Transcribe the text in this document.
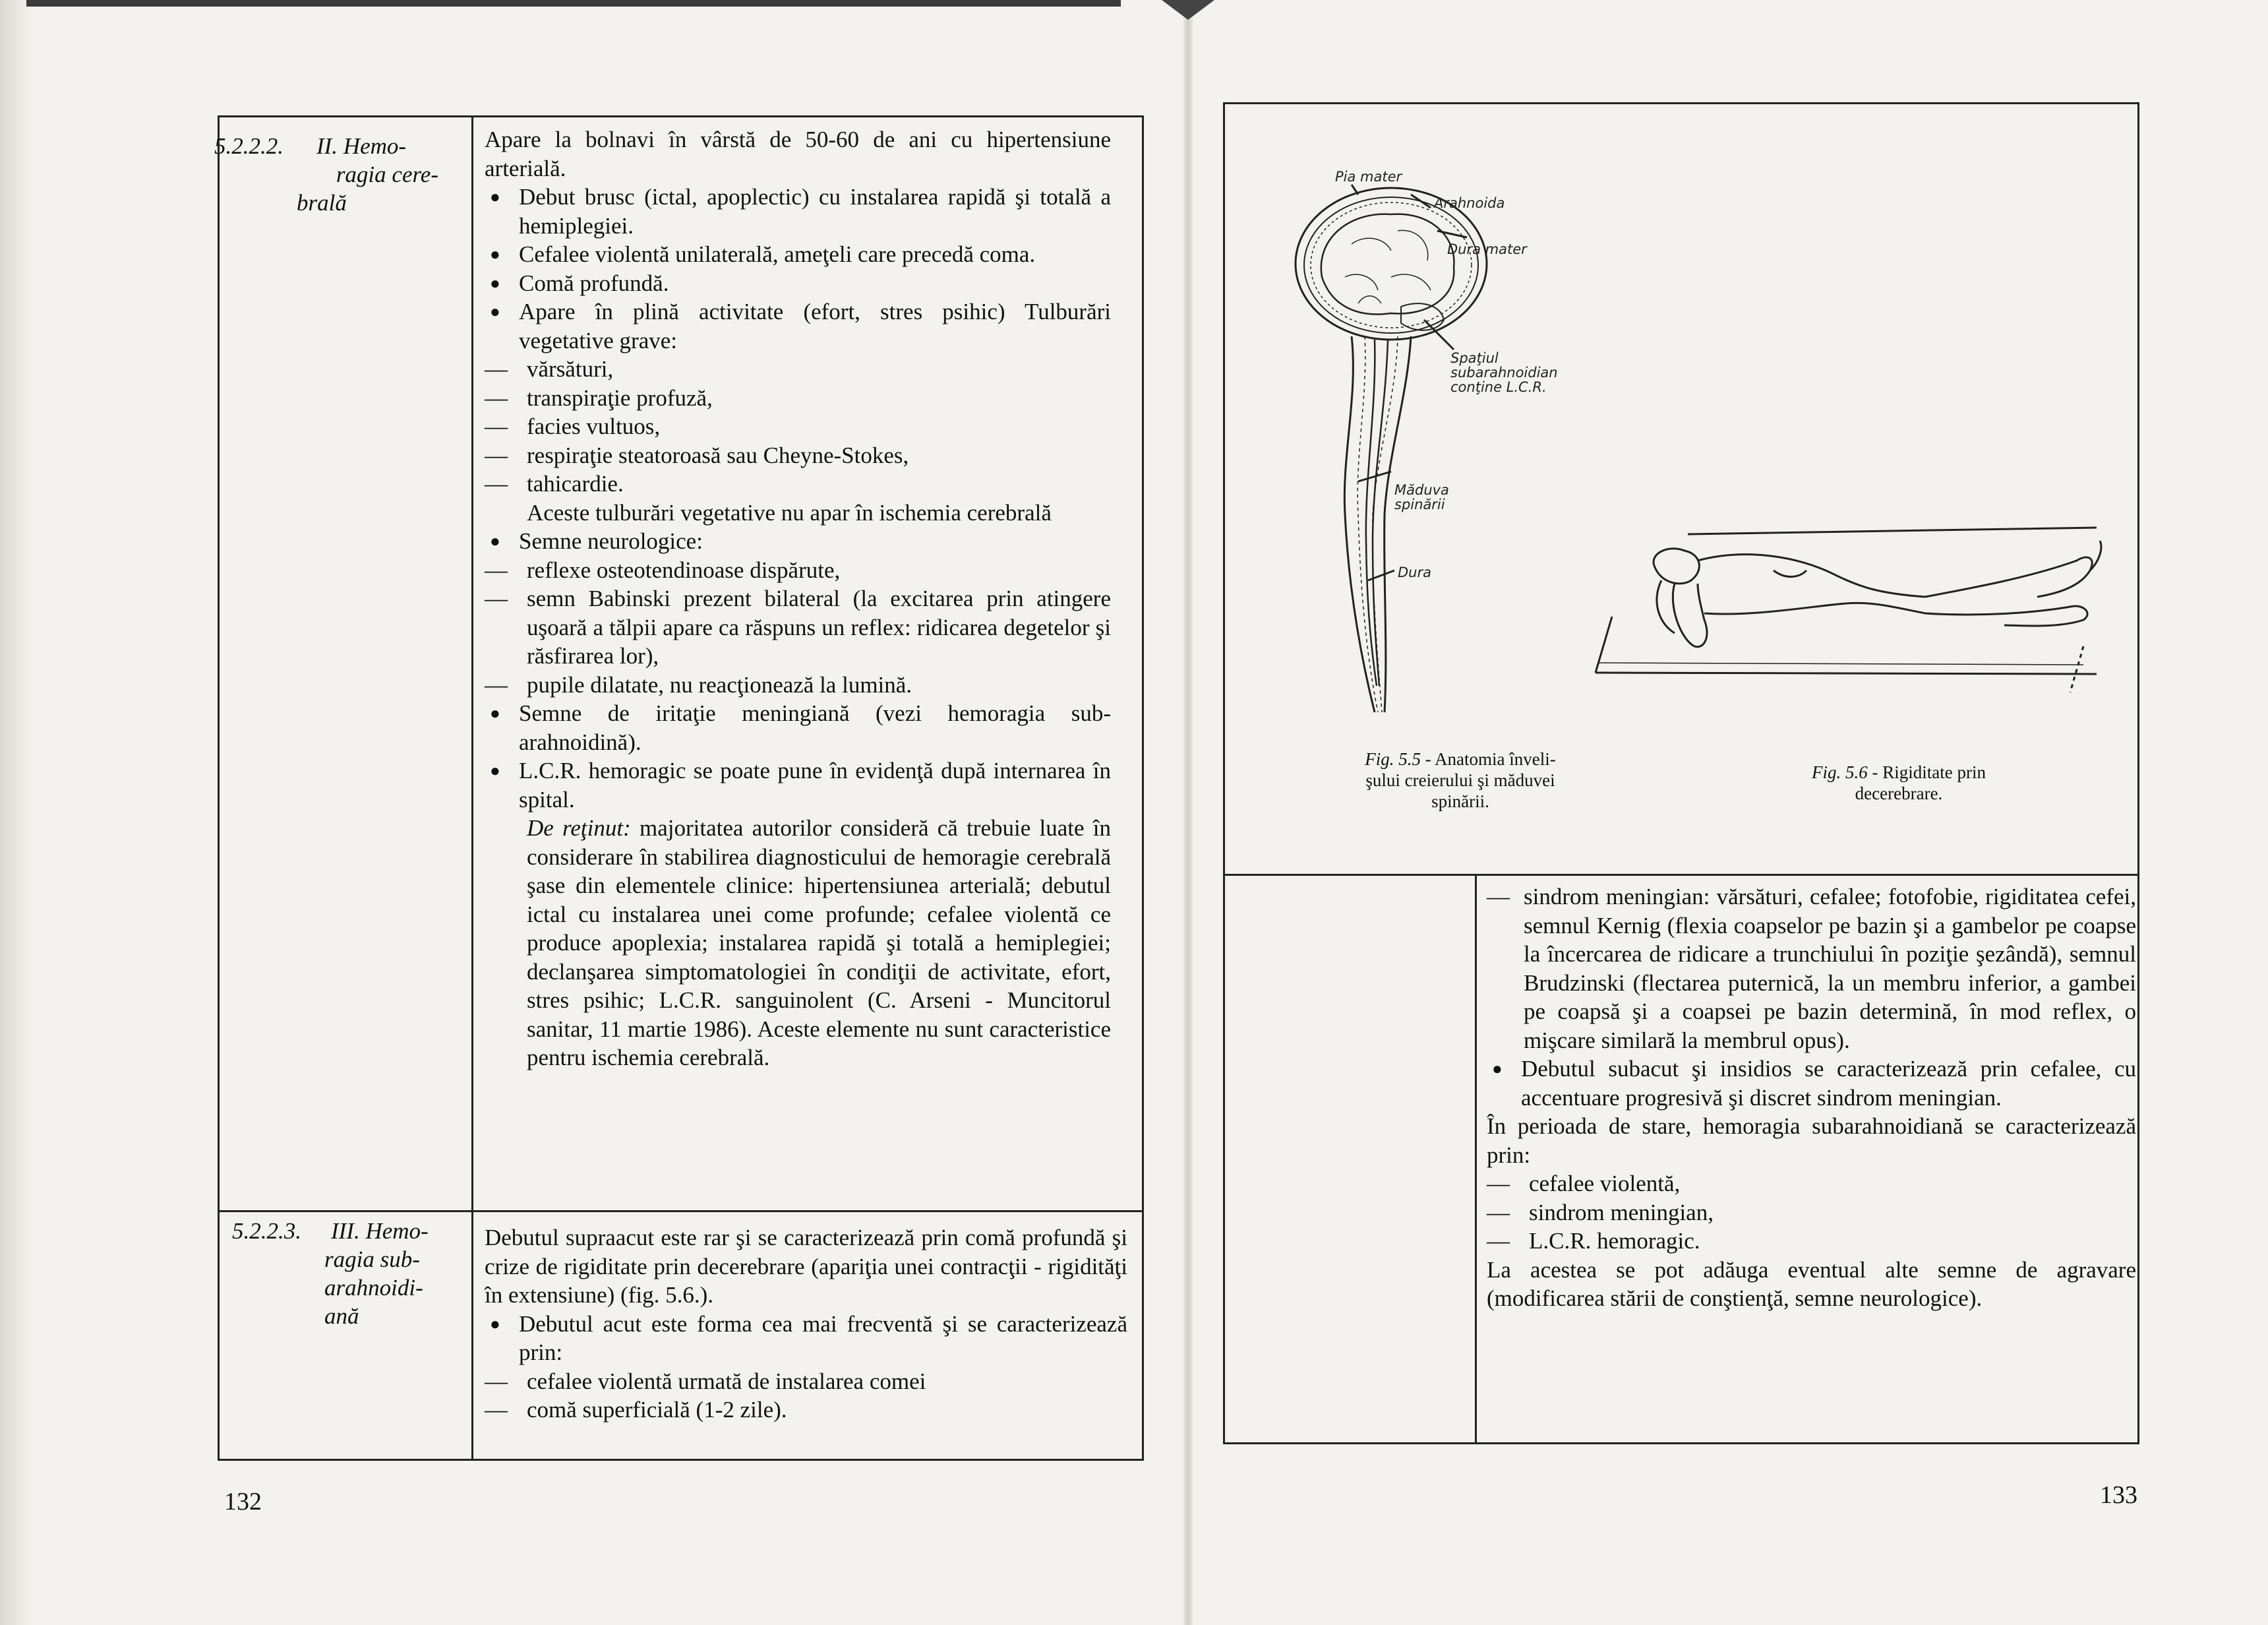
5.2.2.2. II. Hemo-
ragia cere-
brală

Apare la bolnavi în vârstă de 50-60 de ani cu hipertensiune arterială.

● Debut brusc (ictal, apoplectic) cu instalarea rapidă şi totală a hemiplegiei.

● Cefalee violentă unilaterală, ameţeli care precedă coma.

● Comă profundă.

● Apare în plină activitate (efort, stres psihic) Tulburări vegetative grave:

— vărsături,

— transpiraţie profuză,

— facies vultuos,

— respiraţie steatoroasă sau Cheyne-Stokes,

— tahicardie.

Aceste tulburări vegetative nu apar în ischemia cerebrală

● Semne neurologice:

— reflexe osteotendinoase dispărute,

— semn Babinski prezent bilateral (la excitarea prin atingere uşoară a tălpii apare ca răspuns un reflex: ridicarea degetelor şi răsfirarea lor),

— pupile dilatate, nu reacţionează la lumină.

● Semne de iritaţie meningiană (vezi hemoragia sub-arahnoidină).

● L.C.R. hemoragic se poate pune în evidenţă după internarea în spital.

De reţinut: majoritatea autorilor consideră că trebuie luate în considerare în stabilirea diagnosticului de hemoragie cerebrală şase din elementele clinice: hipertensiunea arterială; debutul ictal cu instalarea unei come profunde; cefalee violentă ce produce apoplexia; instalarea rapidă şi totală a hemiplegiei; declanşarea simptomatologiei în condiţii de activitate, efort, stres psihic; L.C.R. sanguinolent (C. Arseni - Muncitorul sanitar, 11 martie 1986). Aceste elemente nu sunt caracteristice pentru ischemia cerebrală.

5.2.2.3. III. Hemo-
ragia sub-
arahnoidi-
ană

Debutul supraacut este rar şi se caracterizează prin comă profundă şi crize de rigiditate prin decerebrare (apariţia unei contracţii - rigidităţi în extensiune) (fig. 5.6.).

● Debutul acut este forma cea mai frecventă şi se caracterizează prin:

— cefalee violentă urmată de instalarea comei

— comă superficială (1-2 zile).

132
Pia mater
Arahnoida
Dura mater
Spaţiul
subarahnoidian
conţine L.C.R.
Măduva
spinării
Dura
Fig. 5.5 - Anatomia înveli-
şului creierului şi măduvei
spinării.
Fig. 5.6 - Rigiditate prin
decerebrare.

— sindrom meningian: vărsături, cefalee; fotofobie, rigiditatea cefei, semnul Kernig (flexia coapselor pe bazin şi a gambelor pe coapse la încercarea de ridicare a trunchiului în poziţie şezândă), semnul Brudzinski (flectarea puternică, la un membru inferior, a gambei pe coapsă şi a coapsei pe bazin determină, în mod reflex, o mişcare similară la membrul opus).

● Debutul subacut şi insidios se caracterizează prin cefalee, cu accentuare progresivă şi discret sindrom meningian.

În perioada de stare, hemoragia subarahnoidiană se caracterizează prin:

— cefalee violentă,

— sindrom meningian,

— L.C.R. hemoragic.

La acestea se pot adăuga eventual alte semne de agravare (modificarea stării de conştienţă, semne neurologice).

133
